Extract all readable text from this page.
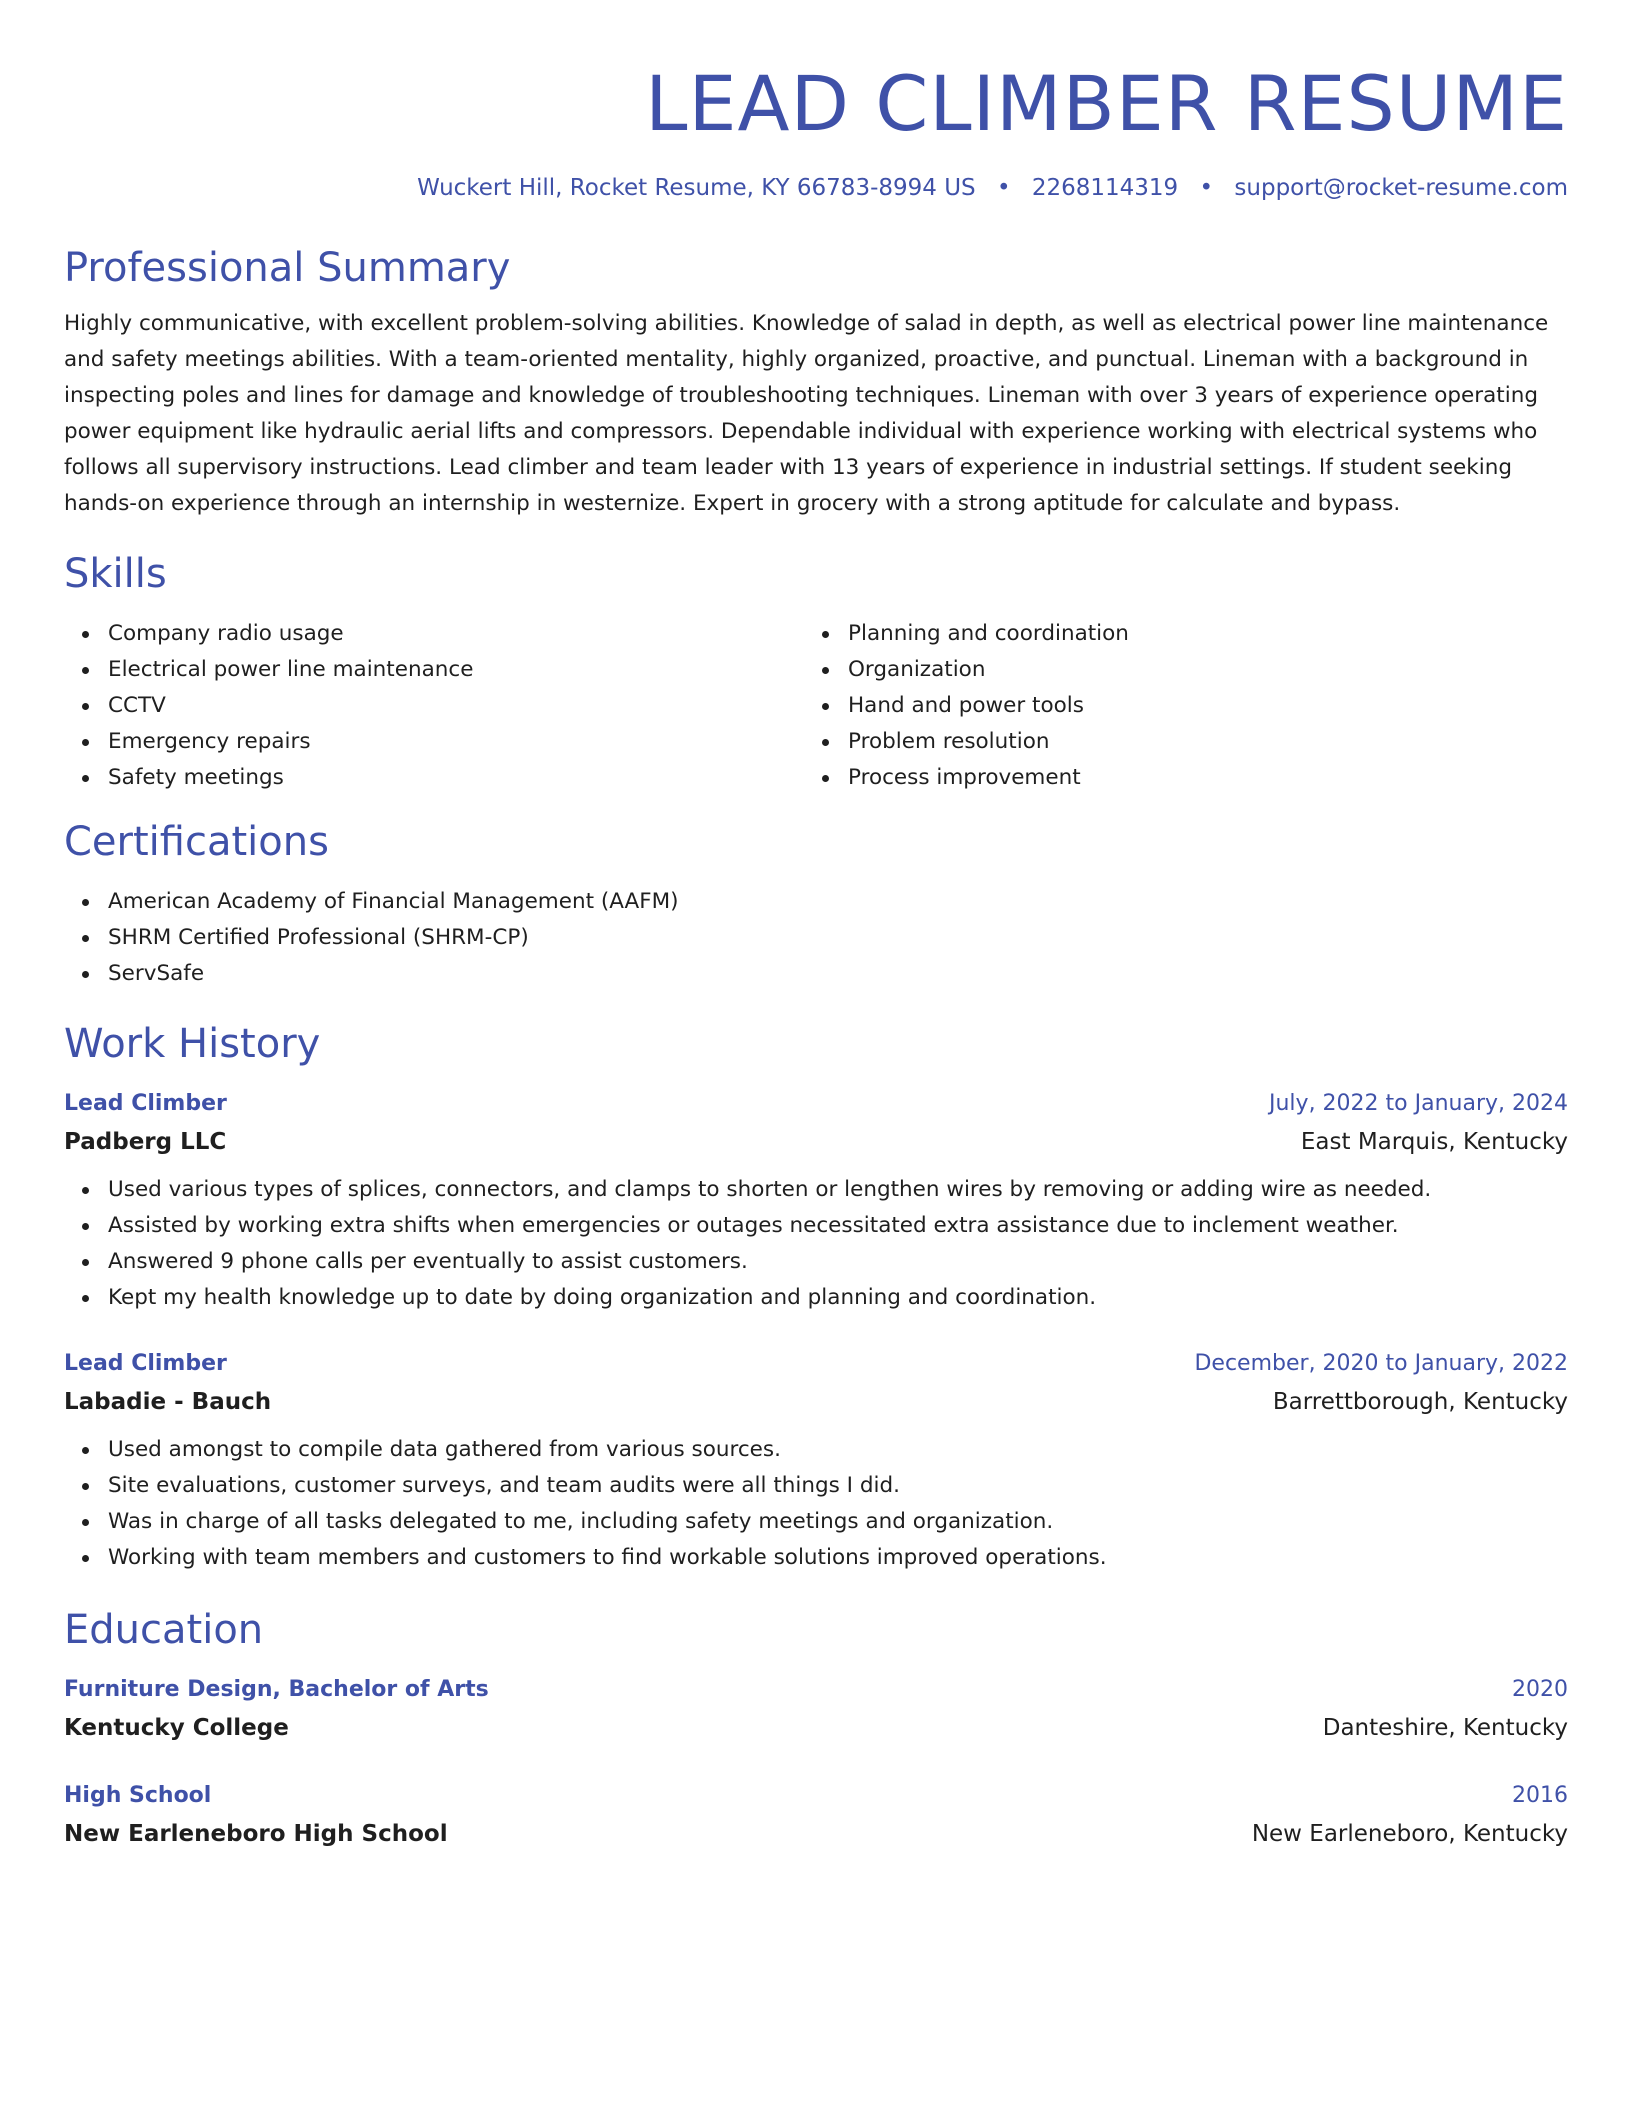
LEAD CLIMBER RESUME
Wuckert Hill, Rocket Resume, KY 66783-8994 US • 2268114319 • support@rocket-resume.com
Professional Summary

Highly communicative, with excellent problem-solving abilities. Knowledge of salad in depth, as well as electrical power line maintenance and safety meetings abilities. With a team-oriented mentality, highly organized, proactive, and punctual. Lineman with a background in inspecting poles and lines for damage and knowledge of troubleshooting techniques. Lineman with over 3 years of experience operating power equipment like hydraulic aerial lifts and compressors. Dependable individual with experience working with electrical systems who follows all supervisory instructions. Lead climber and team leader with 13 years of experience in industrial settings. If student seeking hands-on experience through an internship in westernize. Expert in grocery with a strong aptitude for calculate and bypass.

Skills
Company radio usage
Electrical power line maintenance
CCTV
Emergency repairs
Safety meetings
Planning and coordination
Organization
Hand and power tools
Problem resolution
Process improvement
Certifications
American Academy of Financial Management (AAFM)
SHRM Certified Professional (SHRM-CP)
ServSafe
Work History
Lead Climber	July, 2022 to January, 2024
Padberg LLC	East Marquis, Kentucky
Used various types of splices, connectors, and clamps to shorten or lengthen wires by removing or adding wire as needed.
Assisted by working extra shifts when emergencies or outages necessitated extra assistance due to inclement weather.
Answered 9 phone calls per eventually to assist customers.
Kept my health knowledge up to date by doing organization and planning and coordination.
Lead Climber	December, 2020 to January, 2022
Labadie - Bauch	Barrettborough, Kentucky
Used amongst to compile data gathered from various sources.
Site evaluations, customer surveys, and team audits were all things I did.
Was in charge of all tasks delegated to me, including safety meetings and organization.
Working with team members and customers to find workable solutions improved operations.
Education
Furniture Design, Bachelor of Arts	2020
Kentucky College	Danteshire, Kentucky
High School	2016
New Earleneboro High School	New Earleneboro, Kentucky
